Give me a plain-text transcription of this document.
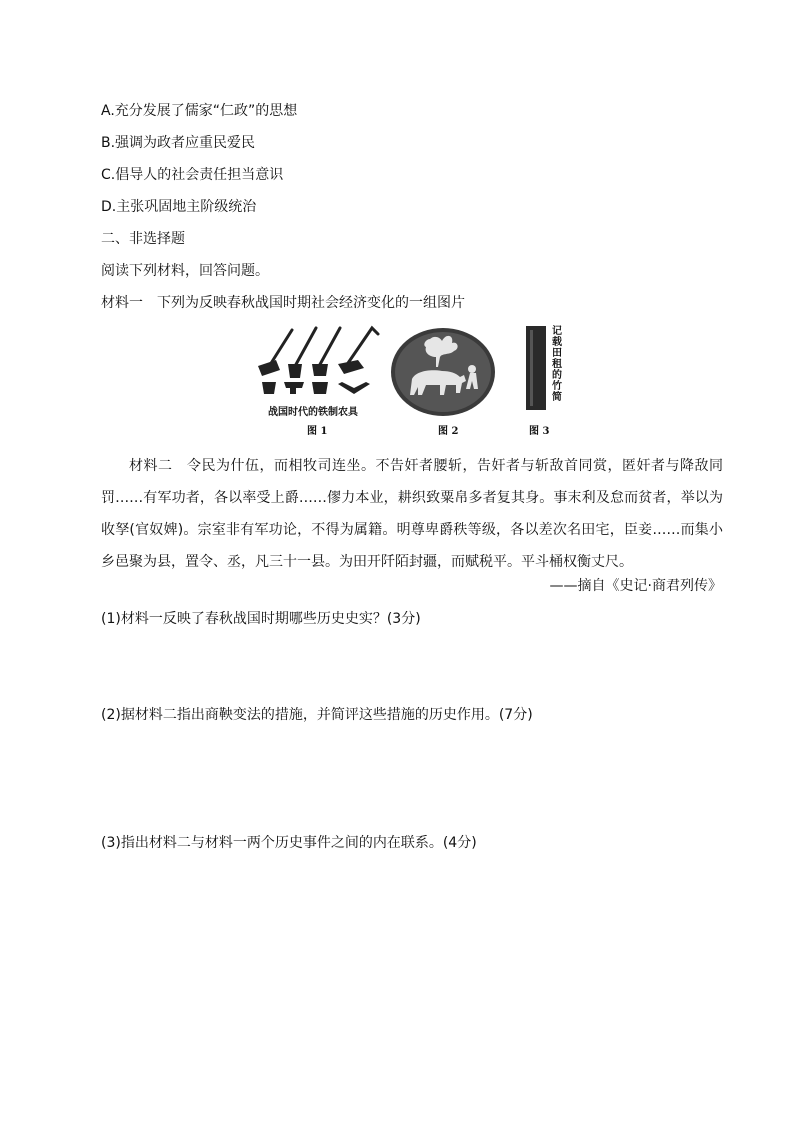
A.充分发展了儒家“仁政”的思想
B.强调为政者应重民爱民
C.倡导人的社会责任担当意识
D.主张巩固地主阶级统治
二、非选择题
阅读下列材料，回答问题。
材料一　下列为反映春秋战国时期社会经济变化的一组图片
战国时代的铁制农具
图 1	图 2
记载田租的竹简
图 3
材料二　令民为什伍，而相牧司连坐。不告奸者腰斩，告奸者与斩敌首同赏，匿奸者与降敌同罚……有军功者，各以率受上爵……僇力本业，耕织致粟帛多者复其身。事末利及怠而贫者，举以为收孥(官奴婢)。宗室非有军功论，不得为属籍。明尊卑爵秩等级，各以差次名田宅，臣妾……而集小乡邑聚为县，置令、丞，凡三十一县。为田开阡陌封疆，而赋税平。平斗桶权衡丈尺。
——摘自《史记·商君列传》
(1)材料一反映了春秋战国时期哪些历史史实？(3分)
(2)据材料二指出商鞅变法的措施，并简评这些措施的历史作用。(7分)
(3)指出材料二与材料一两个历史事件之间的内在联系。(4分)
